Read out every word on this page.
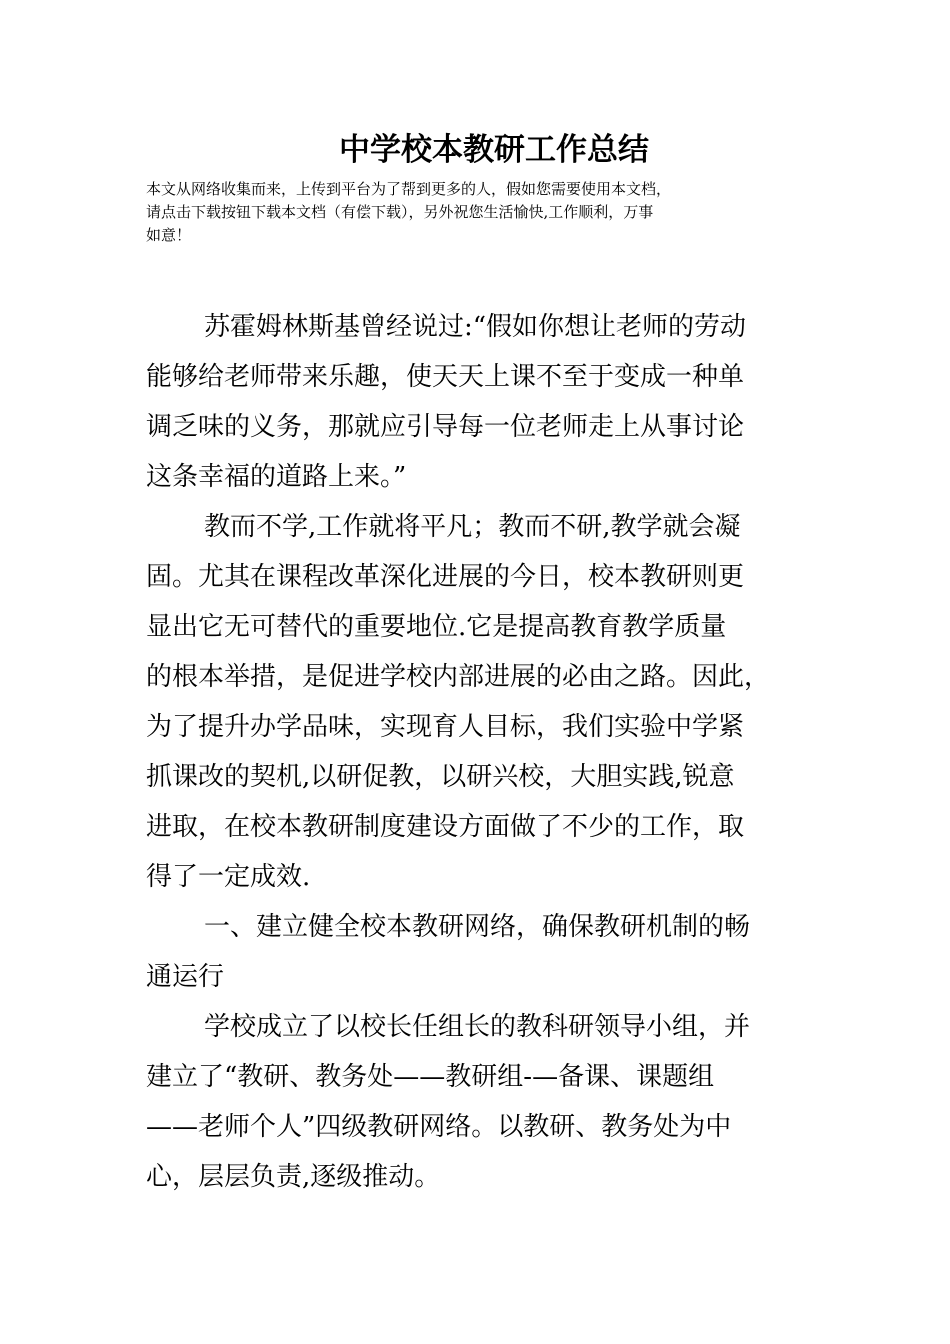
中学校本教研工作总结

本文从网络收集而来，上传到平台为了帮到更多的人，假如您需要使用本文档，
请点击下载按钮下载本文档（有偿下载），另外祝您生活愉快,工作顺利，万事
如意！

苏霍姆林斯基曾经说过:“假如你想让老师的劳动
能够给老师带来乐趣，使天天上课不至于变成一种单
调乏味的义务，那就应引导每一位老师走上从事讨论
这条幸福的道路上来。”

教而不学,工作就将平凡；教而不研,教学就会凝
固。尤其在课程改革深化进展的今日，校本教研则更
显出它无可替代的重要地位.它是提高教育教学质量
的根本举措，是促进学校内部进展的必由之路。因此，
为了提升办学品味，实现育人目标，我们实验中学紧
抓课改的契机,以研促教，以研兴校，大胆实践,锐意
进取，在校本教研制度建设方面做了不少的工作，取
得了一定成效.

一、建立健全校本教研网络，确保教研机制的畅
通运行

学校成立了以校长任组长的教科研领导小组，并
建立了“教研、教务处——教研组-—备课、课题组
——老师个人”四级教研网络。以教研、教务处为中
心，层层负责,逐级推动。
